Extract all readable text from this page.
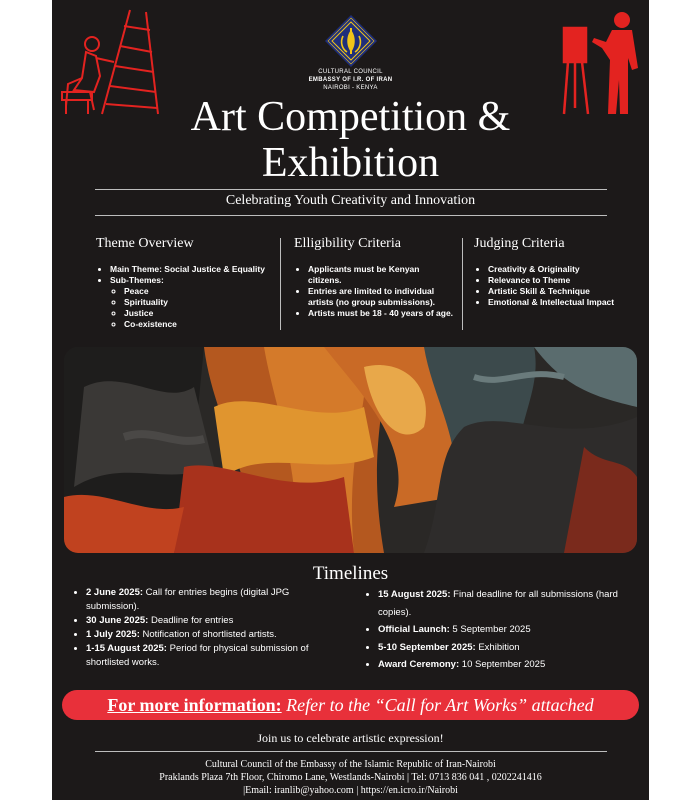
CULTURAL COUNCIL
EMBASSY OF I.R. OF IRAN
NAIROBI - KENYA
Art Competition &
Exhibition
Celebrating Youth Creativity and Innovation
Theme Overview
• Main Theme: Social Justice & Equality
• Sub-Themes:
◦ Peace
◦ Spirituality
◦ Justice
◦ Co-existence
Elligibility Criteria
• Applicants must be Kenyan citizens.
• Entries are limited to individual artists (no group submissions).
• Artists must be 18 - 40 years of age.
Judging Criteria
• Creativity & Originality
• Relevance to Theme
• Artistic Skill & Technique
• Emotional & Intellectual Impact
Timelines
• 2 June 2025: Call for entries begins (digital JPG submission).
• 30 June 2025: Deadline for entries
• 1 July 2025: Notification of shortlisted artists.
• 1-15 August 2025: Period for physical submission of shortlisted works.
• 15 August 2025: Final deadline for all submissions (hard copies).
• Official Launch: 5 September 2025
• 5-10 September 2025: Exhibition
• Award Ceremony: 10 September 2025
For more information: Refer to the “Call for Art Works” attached
Join us to celebrate artistic expression!
Cultural Council of the Embassy of the Islamic Republic of Iran-Nairobi
Praklands Plaza 7th Floor, Chiromo Lane, Westlands-Nairobi | Tel: 0713 836 041 , 0202241416
|Email: iranlib@yahoo.com | https://en.icro.ir/Nairobi
